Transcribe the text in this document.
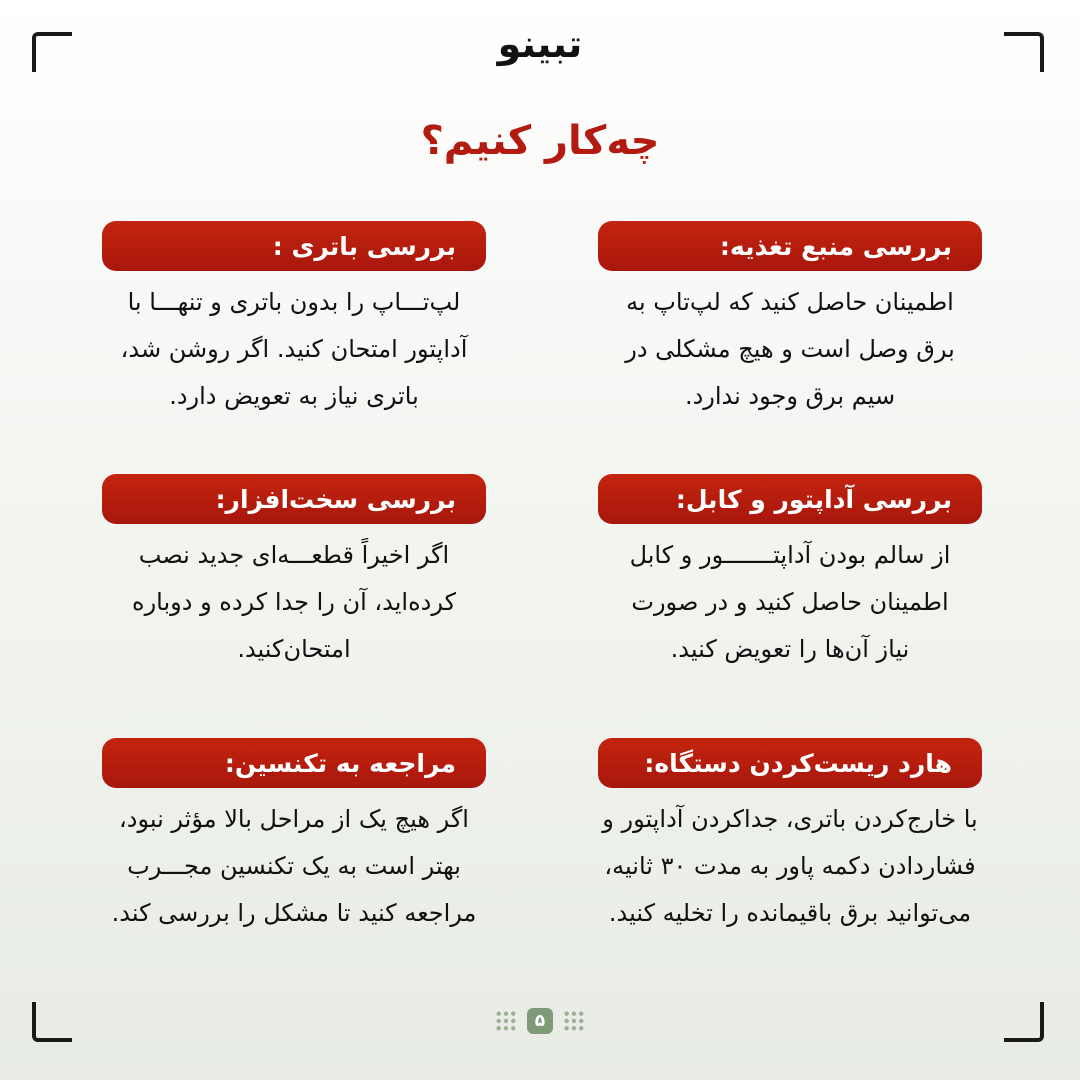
تبینو
چه‌کار کنیم؟
بررسی منبع تغذیه:
اطمینان حاصل کنید که لپ‌تاپ به
برق وصل است و هیچ مشکلی در
سیم برق وجود ندارد.
بررسی باتری :
لپ‌تـــاپ را بدون باتری و تنهـــا با
آداپتور امتحان کنید. اگر روشن شد،
باتری نیاز به تعویض دارد.
بررسی آداپتور و کابل:
از سالم بودن آداپتـــــــور و کابل
اطمینان حاصل کنید و در صورت
نیاز آن‌ها را تعویض کنید.
بررسی سخت‌افزار:
اگر اخیراً قطعـــه‌ای جدید نصب
کرده‌اید، آن را جدا کرده و دوباره
امتحان‌کنید.
هارد ریست‌کردن دستگاه:
با خارج‌کردن باتری، جداکردن آداپتور و
فشاردادن دکمه پاور به مدت ۳۰ ثانیه،
می‌توانید برق باقیمانده را تخلیه کنید.
مراجعه به تکنسین:
اگر هیچ یک از مراحل بالا مؤثر نبود،
بهتر است به یک تکنسین مجـــرب
مراجعه کنید تا مشکل را بررسی کند.
۵
